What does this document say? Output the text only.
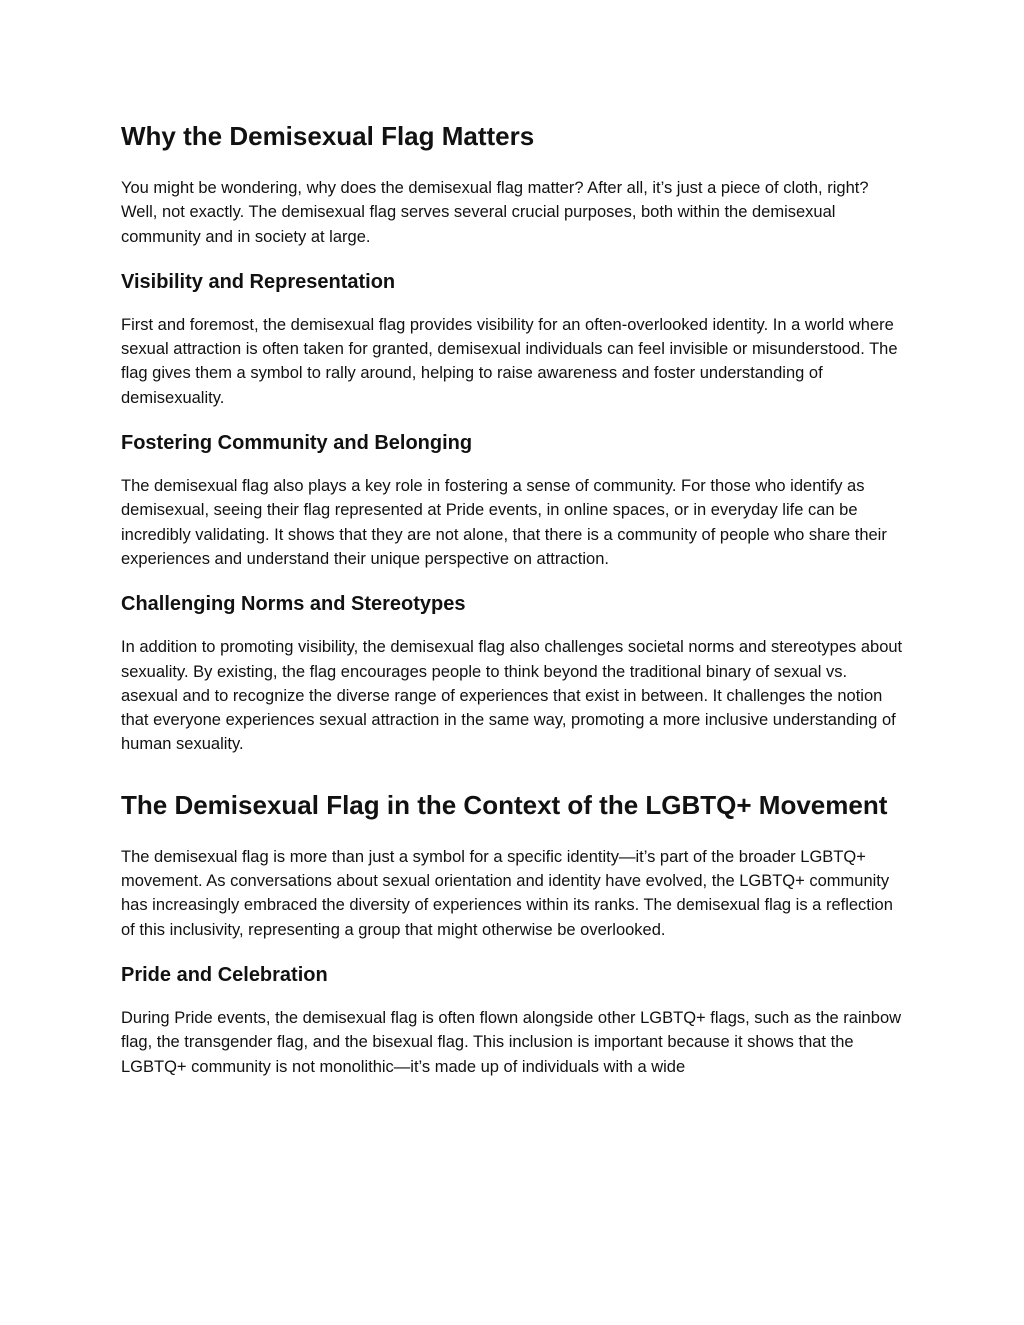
Why the Demisexual Flag Matters

You might be wondering, why does the demisexual flag matter? After all, it’s just a piece of cloth, right? Well, not exactly. The demisexual flag serves several crucial purposes, both within the demisexual community and in society at large.

Visibility and Representation

First and foremost, the demisexual flag provides visibility for an often-overlooked identity. In a world where sexual attraction is often taken for granted, demisexual individuals can feel invisible or misunderstood. The flag gives them a symbol to rally around, helping to raise awareness and foster understanding of demisexuality.

Fostering Community and Belonging

The demisexual flag also plays a key role in fostering a sense of community. For those who identify as demisexual, seeing their flag represented at Pride events, in online spaces, or in everyday life can be incredibly validating. It shows that they are not alone, that there is a community of people who share their experiences and understand their unique perspective on attraction.

Challenging Norms and Stereotypes

In addition to promoting visibility, the demisexual flag also challenges societal norms and stereotypes about sexuality. By existing, the flag encourages people to think beyond the traditional binary of sexual vs. asexual and to recognize the diverse range of experiences that exist in between. It challenges the notion that everyone experiences sexual attraction in the same way, promoting a more inclusive understanding of human sexuality.

The Demisexual Flag in the Context of the LGBTQ+ Movement

The demisexual flag is more than just a symbol for a specific identity—it’s part of the broader LGBTQ+ movement. As conversations about sexual orientation and identity have evolved, the LGBTQ+ community has increasingly embraced the diversity of experiences within its ranks. The demisexual flag is a reflection of this inclusivity, representing a group that might otherwise be overlooked.

Pride and Celebration

During Pride events, the demisexual flag is often flown alongside other LGBTQ+ flags, such as the rainbow flag, the transgender flag, and the bisexual flag. This inclusion is important because it shows that the LGBTQ+ community is not monolithic—it’s made up of individuals with a wide
